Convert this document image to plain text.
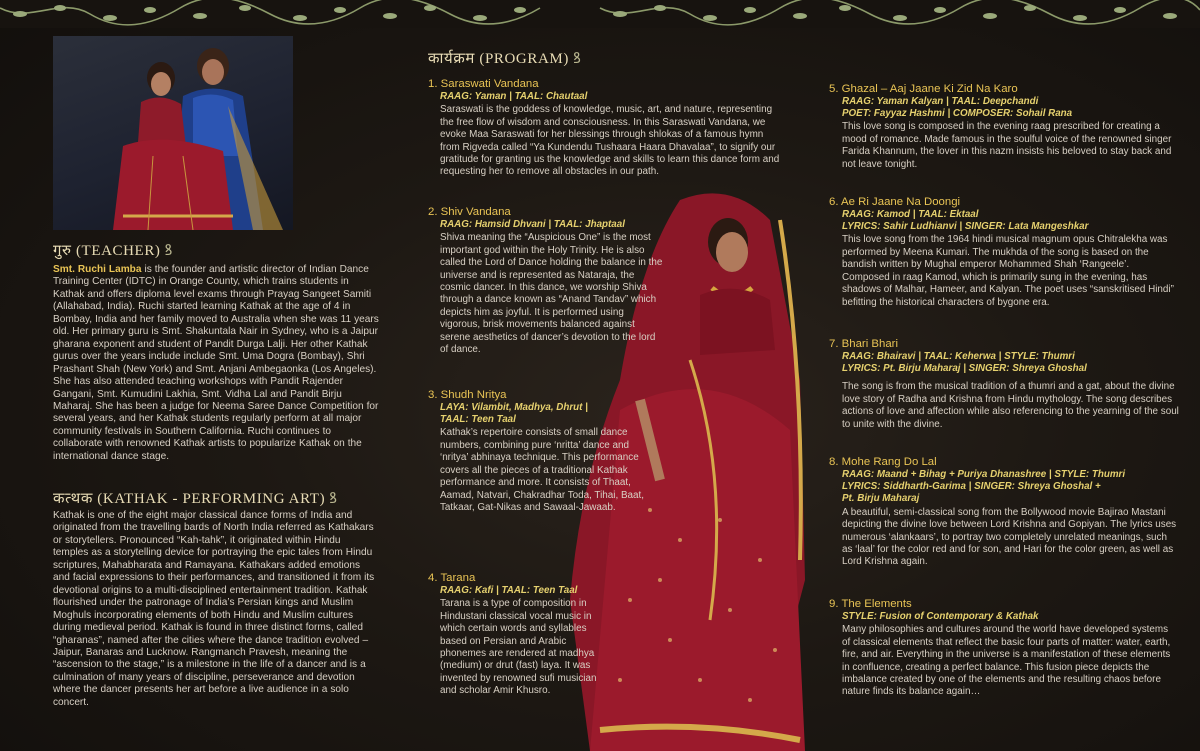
गुरु (TEACHER) ꝸ
Smt. Ruchi Lamba is the founder and artistic director of Indian Dance Training Center (IDTC) in Orange County, which trains students in Kathak and offers diploma level exams through Prayag Sangeet Samiti (Allahabad, India). Ruchi started learning Kathak at the age of 4 in Bombay, India and her family moved to Australia when she was 11 years old. Her primary guru is Smt. Shakuntala Nair in Sydney, who is a Jaipur gharana exponent and student of Pandit Durga Lalji. Her other Kathak gurus over the years include include Smt. Uma Dogra (Bombay), Shri Prashant Shah (New York) and Smt. Anjani Ambegaonka (Los Angeles). She has also attended teaching workshops with Pandit Rajender Gangani, Smt. Kumudini Lakhia, Smt. Vidha Lal and Pandit Birju Maharaj. She has been a judge for Neema Saree Dance Competition for several years, and her Kathak students regularly perform at all major community festivals in Southern California. Ruchi continues to collaborate with renowned Kathak artists to popularize Kathak on the international dance stage.
कत्थक (KATHAK - PERFORMING ART) ꝸ
Kathak is one of the eight major classical dance forms of India and originated from the travelling bards of North India referred as Kathakars or storytellers. Pronounced “Kah-tahk”, it originated within Hindu temples as a storytelling device for portraying the epic tales from Hindu scriptures, Mahabharata and Ramayana. Kathakars added emotions and facial expressions to their performances, and transitioned it from its devotional origins to a multi-disciplined entertainment tradition. Kathak flourished under the patronage of India’s Persian kings and Muslim Moghuls incorporating elements of both Hindu and Muslim cultures during medieval period. Kathak is found in three distinct forms, called “gharanas”, named after the cities where the dance tradition evolved – Jaipur, Banaras and Lucknow. Rangmanch Pravesh, meaning the “ascension to the stage,” is a milestone in the life of a dancer and is a culmination of many years of discipline, perseverance and devotion where the dancer presents her art before a live audience in a solo concert.
कार्यक्रम (PROGRAM) ꝸ
1. Saraswati Vandana
RAAG: Yaman | TAAL: Chautaal
Saraswati is the goddess of knowledge, music, art, and nature, representing the free flow of wisdom and consciousness. In this Saraswati Vandana, we evoke Maa Saraswati for her blessings through shlokas of a famous hymn from Rigveda called “Ya Kundendu Tushaara Haara Dhavalaa”, to signify our gratitude for granting us the knowledge and skills to learn this dance form and requesting her to remove all obstacles in our path.
2. Shiv Vandana
RAAG: Hamsid Dhvani | TAAL: Jhaptaal
Shiva meaning the “Auspicious One” is the most important god within the Holy Trinity. He is also called the Lord of Dance holding the balance in the universe and is represented as Nataraja, the cosmic dancer. In this dance, we worship Shiva through a dance known as “Anand Tandav” which depicts him as joyful. It is performed using vigorous, brisk movements balanced against serene aesthetics of dancer’s devotion to the lord of dance.
3. Shudh Nritya
LAYA: Vilambit, Madhya, Dhrut |
TAAL: Teen Taal
Kathak’s repertoire consists of small dance numbers, combining pure ‘nritta’ dance and ‘nritya’ abhinaya technique. This performance covers all the pieces of a traditional Kathak performance and more. It consists of Thaat, Aamad, Natvari, Chakradhar Toda, Tihai, Baat, Tatkaar, Gat-Nikas and Sawaal-Jawaab.
4. Tarana
RAAG: Kafi | TAAL: Teen Taal
Tarana is a type of composition in Hindustani classical vocal music in which certain words and syllables based on Persian and Arabic phonemes are rendered at madhya (medium) or drut (fast) laya. It was invented by renowned sufi musician and scholar Amir Khusro.
5. Ghazal – Aaj Jaane Ki Zid Na Karo
RAAG: Yaman Kalyan | TAAL: Deepchandi
POET: Fayyaz Hashmi | COMPOSER: Sohail Rana
This love song is composed in the evening raag prescribed for creating a mood of romance. Made famous in the soulful voice of the renowned singer Farida Khannum, the lover in this nazm insists his beloved to stay back and not leave tonight.
6. Ae Ri Jaane Na Doongi
RAAG: Kamod | TAAL: Ektaal
LYRICS: Sahir Ludhianvi | SINGER: Lata Mangeshkar
This love song from the 1964 hindi musical magnum opus Chitralekha was performed by Meena Kumari. The mukhda of the song is based on the bandish written by Mughal emperor Mohammed Shah ‘Rangeele’. Composed in raag Kamod, which is primarily sung in the evening, has shadows of Malhar, Hameer, and Kalyan. The poet uses “sanskritised Hindi” befitting the historical characters of bygone era.
7. Bhari Bhari
RAAG: Bhairavi | TAAL: Keherwa | STYLE: Thumri
LYRICS: Pt. Birju Maharaj | SINGER: Shreya Ghoshal
The song is from the musical tradition of a thumri and a gat, about the divine love story of Radha and Krishna from Hindu mythology. The song describes actions of love and affection while also referencing to the yearning of the soul to unite with the divine.
8. Mohe Rang Do Lal
RAAG: Maand + Bihag + Puriya Dhanashree | STYLE: Thumri
LYRICS: Siddharth-Garima | SINGER: Shreya Ghoshal +
Pt. Birju Maharaj
A beautiful, semi-classical song from the Bollywood movie Bajirao Mastani depicting the divine love between Lord Krishna and Gopiyan. The lyrics uses numerous ‘alankaars’, to portray two completely unrelated meanings, such as ‘laal’ for the color red and for son, and Hari for the color green, as well as Lord Krishna again.
9. The Elements
STYLE: Fusion of Contemporary & Kathak
Many philosophies and cultures around the world have developed systems of classical elements that reflect the basic four parts of matter: water, earth, fire, and air. Everything in the universe is a manifestation of these elements in confluence, creating a perfect balance. This fusion piece depicts the imbalance created by one of the elements and the resulting chaos before nature finds its balance again…
